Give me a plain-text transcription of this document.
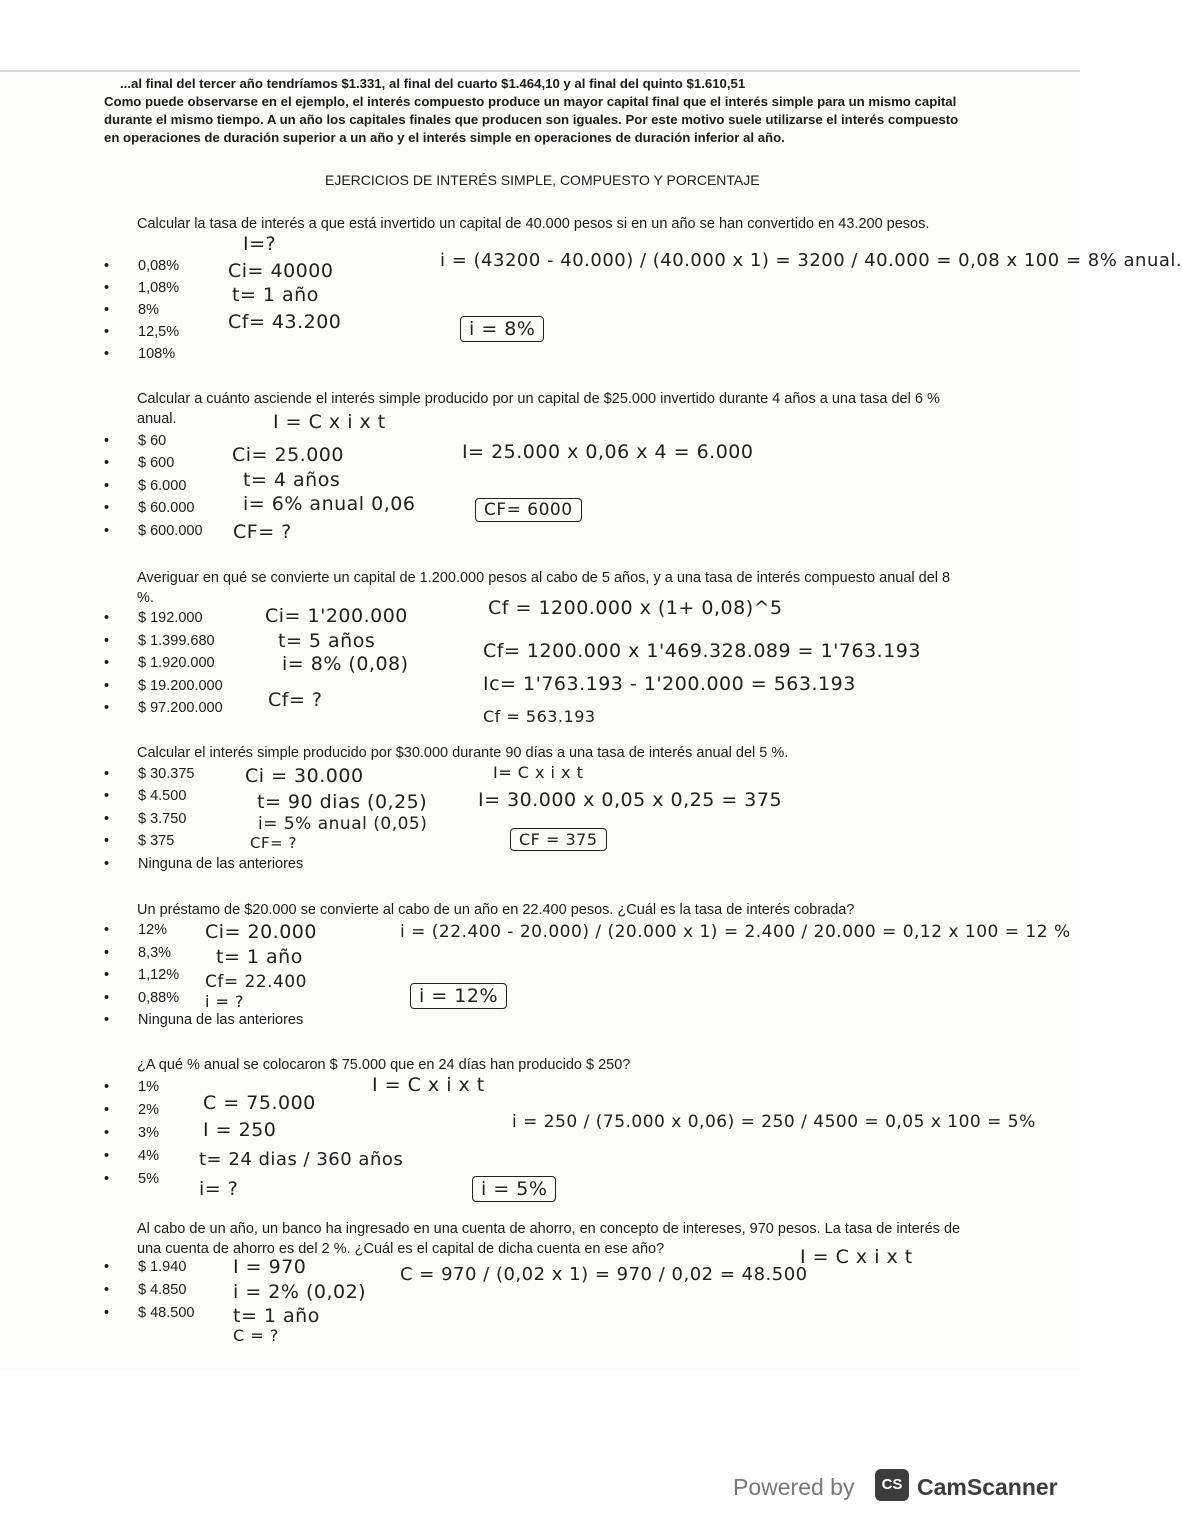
...al final del tercer año tendríamos $1.331, al final del cuarto $1.464,10 y al final del quinto $1.610,51
Como puede observarse en el ejemplo, el interés compuesto produce un mayor capital final que el interés simple para un mismo capital
durante el mismo tiempo. A un año los capitales finales que producen son iguales. Por este motivo suele utilizarse el interés compuesto
en operaciones de duración superior a un año y el interés simple en operaciones de duración inferior al año.
EJERCICIOS DE INTERÉS SIMPLE, COMPUESTO Y PORCENTAJE
Calcular la tasa de interés a que está invertido un capital de 40.000 pesos si en un año se han convertido en 43.200 pesos.
• 0,08%
• 1,08%
• 8%
• 12,5%
• 108%
I=?
Ci= 40000
t= 1 año
Cf= 43.200
i = (43200 - 40.000) / (40.000 x 1) = 3200 / 40.000 = 0,08 x 100 = 8% anual.
i = 8%
Calcular a cuánto asciende el interés simple producido por un capital de $25.000 invertido durante 4 años a una tasa del 6 % anual.
• $ 60
• $ 600
• $ 6.000
• $ 60.000
• $ 600.000
I = C x i x t
Ci= 25.000
t= 4 años
i= 6% anual 0,06
CF= ?
I= 25.000 x 0,06 x 4 = 6.000
CF= 6000
Averiguar en qué se convierte un capital de 1.200.000 pesos al cabo de 5 años, y a una tasa de interés compuesto anual del 8 %.
• $ 192.000
• $ 1.399.680
• $ 1.920.000
• $ 19.200.000
• $ 97.200.000
Ci= 1'200.000
t= 5 años
i= 8% (0,08)
Cf= ?
Cf = 1200.000 x (1+ 0,08)^5
Cf= 1200.000 x 1'469.328.089 = 1'763.193
Ic= 1'763.193 - 1'200.000 = 563.193
Cf = 563.193
Calcular el interés simple producido por $30.000 durante 90 días a una tasa de interés anual del 5 %.
• $ 30.375
• $ 4.500
• $ 3.750
• $ 375
• Ninguna de las anteriores
Ci = 30.000
t= 90 dias (0,25)
i= 5% anual (0,05)
CF= ?
I= C x i x t
I= 30.000 x 0,05 x 0,25 = 375
CF = 375
Un préstamo de $20.000 se convierte al cabo de un año en 22.400 pesos. ¿Cuál es la tasa de interés cobrada?
• 12%
• 8,3%
• 1,12%
• 0,88%
• Ninguna de las anteriores
Ci= 20.000
t= 1 año
Cf= 22.400
i = ?
i = (22.400 - 20.000) / (20.000 x 1) = 2.400 / 20.000 = 0,12 x 100 = 12 %
i = 12%
¿A qué % anual se colocaron $ 75.000 que en 24 días han producido $ 250?
• 1%
• 2%
• 3%
• 4%
• 5%
I = C x i x t
C = 75.000
I = 250
t= 24 dias / 360 años
i= ?
i = 250 / (75.000 x 0,06) = 250 / 4500 = 0,05 x 100 = 5%
i = 5%
Al cabo de un año, un banco ha ingresado en una cuenta de ahorro, en concepto de intereses, 970 pesos. La tasa de interés de una cuenta de ahorro es del 2 %. ¿Cuál es el capital de dicha cuenta en ese año?
• $ 1.940
• $ 4.850
• $ 48.500
I = 970
i = 2% (0,02)
t= 1 año
C = ?
I = C x i x t
C = 970 / (0,02 x 1) = 970 / 0,02 = 48.500
Powered by	CS CamScanner
